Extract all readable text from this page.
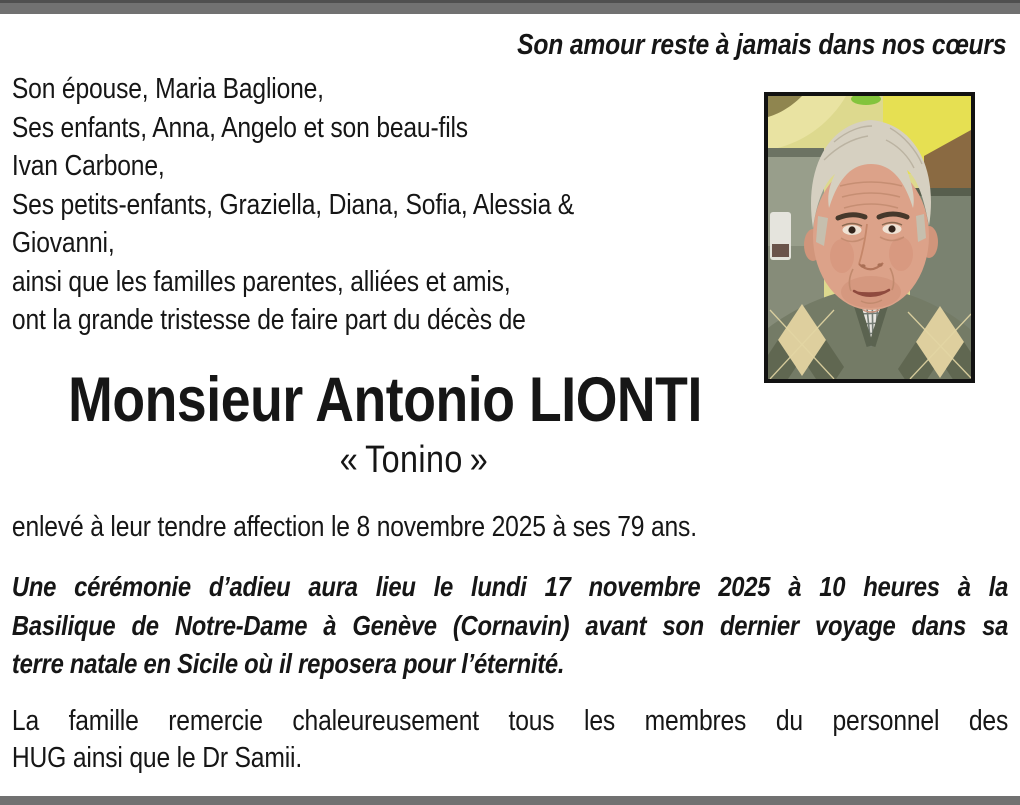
Son amour reste à jamais dans nos cœurs
Son épouse, Maria Baglione,
Ses enfants, Anna, Angelo et son beau-fils
Ivan Carbone,
Ses petits-enfants, Graziella, Diana, Sofia, Alessia &
Giovanni,
ainsi que les familles parentes, alliées et amis,
ont la grande tristesse de faire part du décès de
Monsieur Antonio LIONTI
« Tonino »
enlevé à leur tendre affection le 8 novembre 2025 à ses 79 ans.
Une cérémonie d’adieu aura lieu le lundi 17 novembre 2025 à 10 heures à la
Basilique de Notre-Dame à Genève (Cornavin) avant son dernier voyage dans sa
terre natale en Sicile où il reposera pour l’éternité.
La famille remercie chaleureusement tous les membres du personnel des
HUG ainsi que le Dr Samii.
